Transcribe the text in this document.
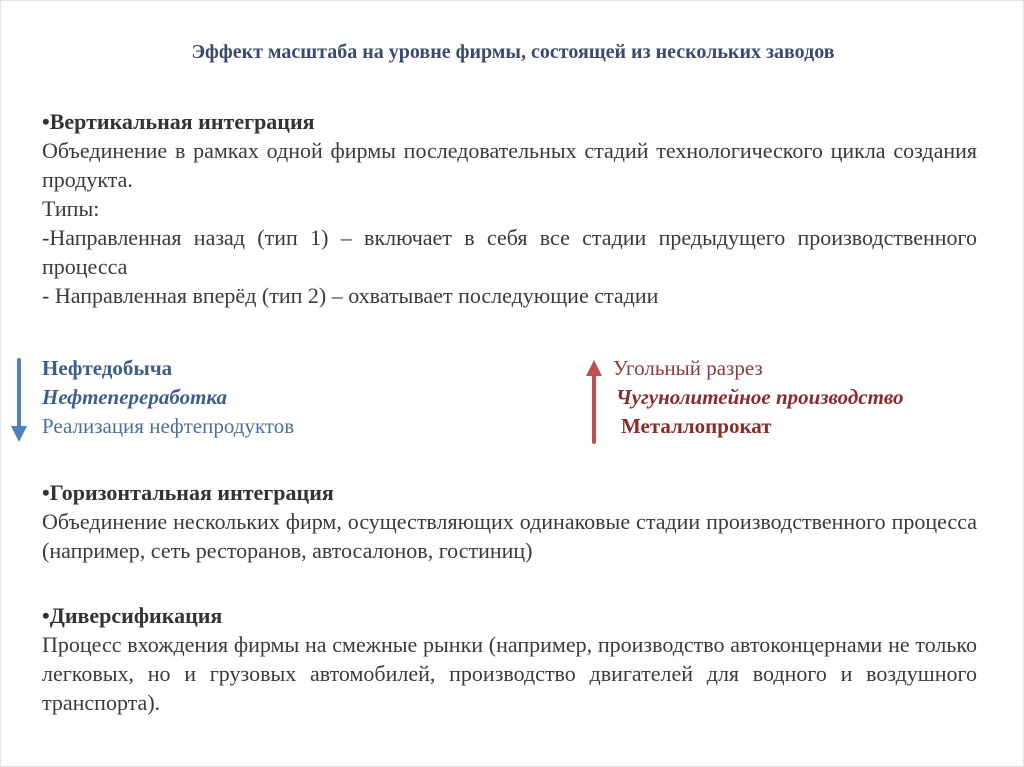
Эффект масштаба на уровне фирмы, состоящей из нескольких заводов
•Вертикальная интеграция
Объединение в рамках одной фирмы последовательных стадий технологического цикла создания продукта.
Типы:
-Направленная назад (тип 1) – включает в себя все стадии предыдущего производственного процесса
- Направленная вперёд (тип 2) – охватывает последующие стадии
Нефтедобыча
Нефтепереработка
Реализация нефтепродуктов
Угольный разрез
Чугунолитейное производство
Металлопрокат
•Горизонтальная интеграция
Объединение нескольких фирм, осуществляющих одинаковые стадии производственного процесса (например, сеть ресторанов, автосалонов, гостиниц)
•Диверсификация
Процесс вхождения фирмы на смежные рынки (например, производство автоконцернами не только легковых, но и грузовых автомобилей, производство двигателей для водного и воздушного транспорта).
